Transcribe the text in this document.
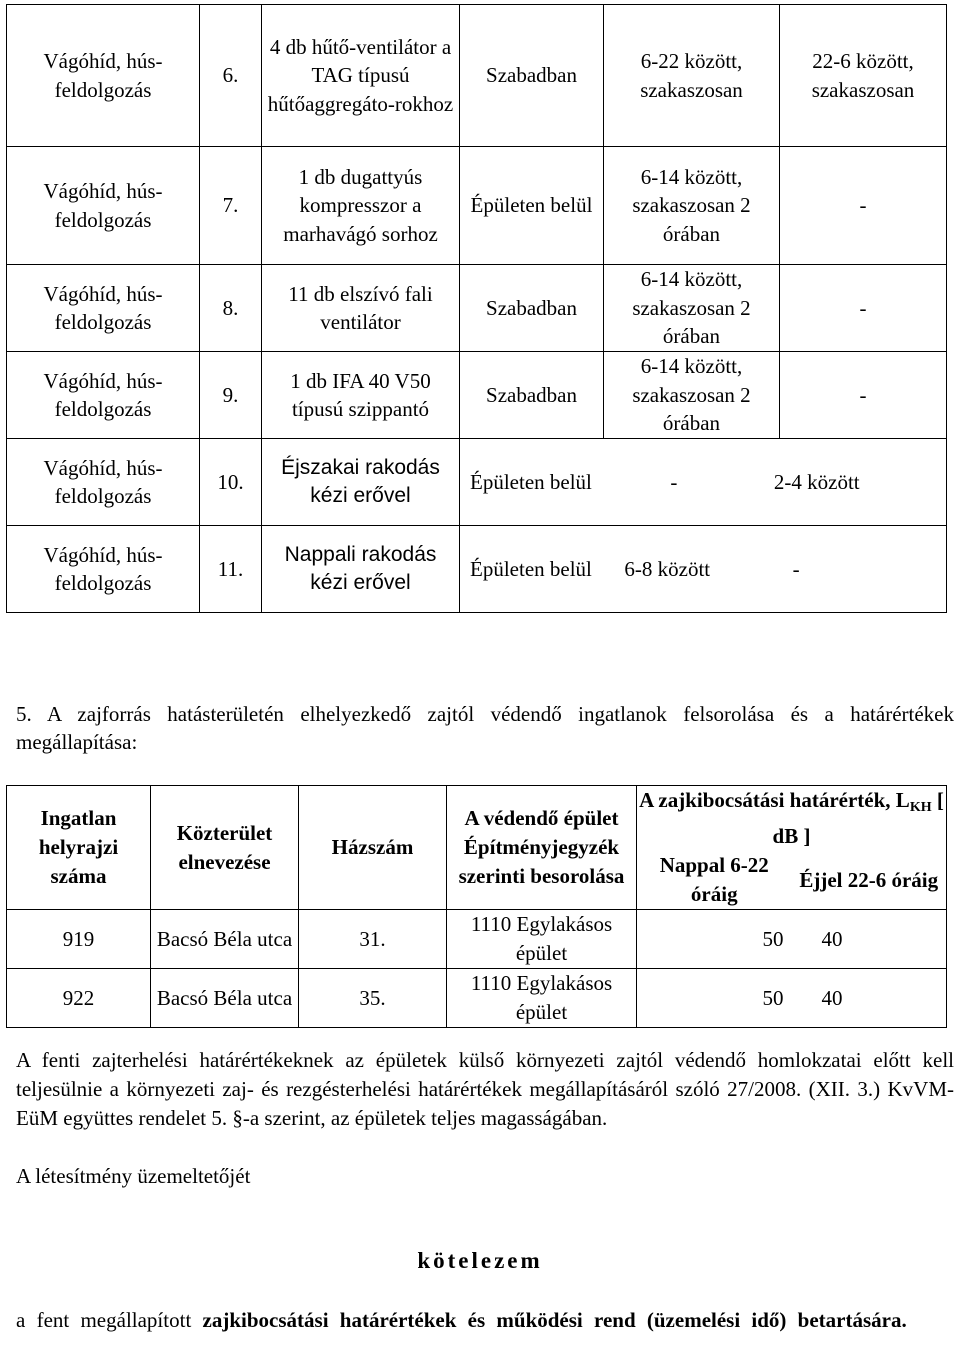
Vágóhíd, hús-feldolgozás	6.	4 db hűtő-ventilátor a TAG típusú hűtőaggregáto-rokhoz	Szabadban	6-22 között, szakaszosan	22-6 között, szakaszosan
Vágóhíd, hús-feldolgozás	7.	1 db dugattyús kompresszor a marhavágó sorhoz	Épületen belül	6-14 között, szakaszosan 2 órában	-
Vágóhíd, hús-feldolgozás	8.	11 db elszívó fali ventilátor	Szabadban	6-14 között, szakaszosan 2 órában	-
Vágóhíd, hús-feldolgozás	9.	1 db IFA 40 V50 típusú szippantó	Szabadban	6-14 között, szakaszosan 2 órában	-
Vágóhíd, hús-feldolgozás	10.	Éjszakai rakodás kézi erővel	Épületen belül - 2-4 között		
Vágóhíd, hús-feldolgozás	11.	Nappali rakodás kézi erővel	Épületen belül 6-8 között -		
5. A zajforrás hatásterületén elhelyezkedő zajtól védendő ingatlanok felsorolása és a határértékek megállapítása:
Ingatlan helyrajzi száma	Közterület elnevezése	Házszám	A védendő épület Építményjegyzék szerinti besorolása	A zajkibocsátási határérték, $L_{KH}$ [ dB ]	
				Nappal 6-22 óráig	Éjjel 22-6 óráig
919	Bacsó Béla utca	31.	1110 Egylakásos épület	50	40
922	Bacsó Béla utca	35.	1110 Egylakásos épület	50	40
A fenti zajterhelési határértékeknek az épületek külső környezeti zajtól védendő homlokzatai előtt kell teljesülnie a környezeti zaj- és rezgésterhelési határértékek megállapításáról szóló 27/2008. (XII. 3.) KvVM-EüM együttes rendelet 5. §-a szerint, az épületek teljes magasságában.
A létesítmény üzemeltetőjét
kötelezem
a fent megállapított zajkibocsátási határértékek és működési rend (üzemelési idő) betartására.
